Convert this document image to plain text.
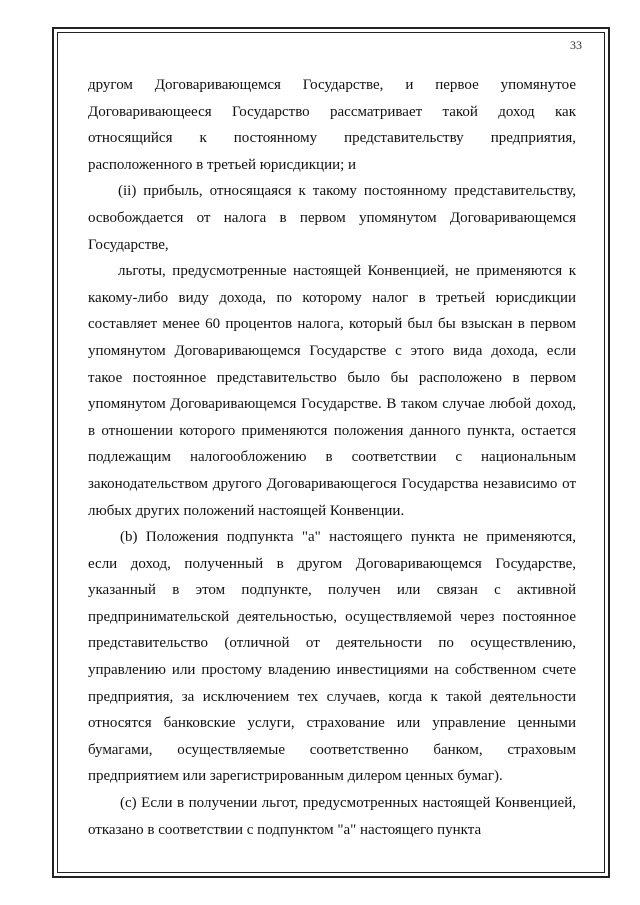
33

другом Договаривающемся Государстве, и первое упомянутое Договаривающееся Государство рассматривает такой доход как относящийся к постоянному представительству предприятия, расположенного в третьей юрисдикции; и

(ii) прибыль, относящаяся к такому постоянному представительству, освобождается от налога в первом упомянутом Договаривающемся Государстве,

льготы, предусмотренные настоящей Конвенцией, не применяются к какому-либо виду дохода, по которому налог в третьей юрисдикции составляет менее 60 процентов налога, который был бы взыскан в первом упомянутом Договаривающемся Государстве с этого вида дохода, если такое постоянное представительство было бы расположено в первом упомянутом Договаривающемся Государстве. В таком случае любой доход, в отношении которого применяются положения данного пункта, остается подлежащим налогообложению в соответствии с национальным законодательством другого Договаривающегося Государства независимо от любых других положений настоящей Конвенции.

(b) Положения подпункта "а" настоящего пункта не применяются, если доход, полученный в другом Договаривающемся Государстве, указанный в этом подпункте, получен или связан с активной предпринимательской деятельностью, осуществляемой через постоянное представительство (отличной от деятельности по осуществлению, управлению или простому владению инвестициями на собственном счете предприятия, за исключением тех случаев, когда к такой деятельности относятся банковские услуги, страхование или управление ценными бумагами, осуществляемые соответственно банком, страховым предприятием или зарегистрированным дилером ценных бумаг).

(c) Если в получении льгот, предусмотренных настоящей Конвенцией, отказано в соответствии с подпунктом "а" настоящего пункта
